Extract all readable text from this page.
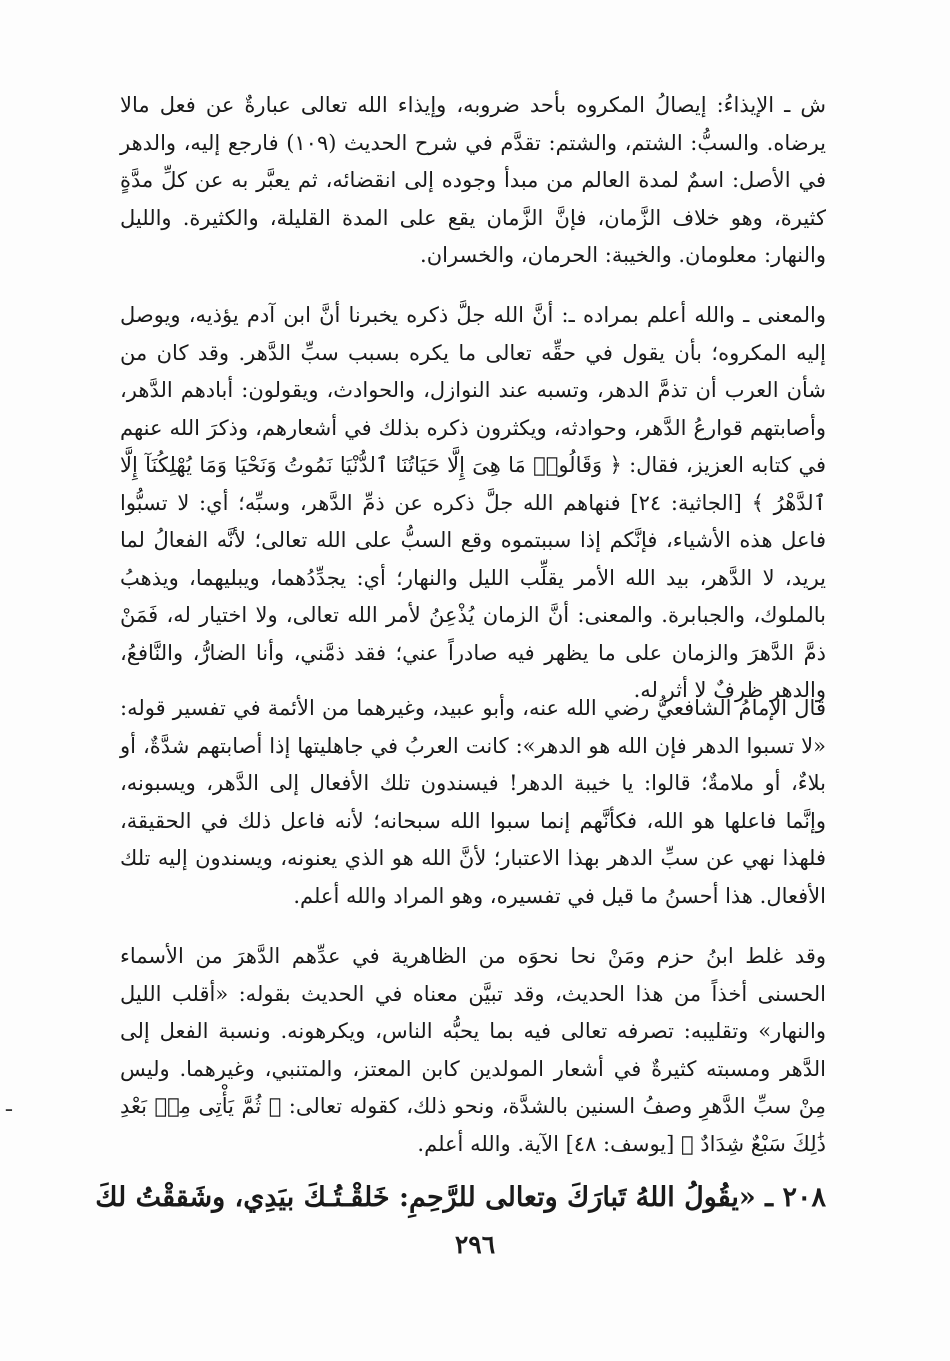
ش ـ الإيذاءُ: إيصالُ المكروه بأحد ضروبه، وإيذاء الله تعالى عبارةٌ عن فعل مالا يرضاه. والسبُّ: الشتم، والشتم: تقدَّم في شرح الحديث (١٠٩) فارجع إليه، والدهر في الأصل: اسمٌ لمدة العالم من مبدأ وجوده إلى انقضائه، ثم يعبَّر به عن كلِّ مدَّةٍ كثيرة، وهو خلاف الزَّمان، فإنَّ الزَّمان يقع على المدة القليلة، والكثيرة. والليل والنهار: معلومان. والخيبة: الحرمان، والخسران.

والمعنى ـ والله أعلم بمراده ـ: أنَّ الله جلَّ ذكره يخبرنا أنَّ ابن آدم يؤذيه، ويوصل إليه المكروه؛ بأن يقول في حقِّه تعالى ما يكره بسبب سبِّ الدَّهر. وقد كان من شأن العرب أن تذمَّ الدهر، وتسبه عند النوازل، والحوادث، ويقولون: أبادهم الدَّهر، وأصابتهم قوارعُ الدَّهر، وحوادثه، ويكثرون ذكره بذلك في أشعارهم، وذكرَ الله عنهم في كتابه العزيز، فقال: ﴿ وَقَالُوا۟ مَا هِىَ إِلَّا حَيَاتُنَا ٱلدُّنْيَا نَمُوتُ وَنَحْيَا وَمَا يُهْلِكُنَآ إِلَّا ٱلدَّهْرُ ﴾ [الجاثية: ٢٤] فنهاهم الله جلَّ ذكره عن ذمِّ الدَّهر، وسبِّه؛ أي: لا تسبُّوا فاعل هذه الأشياء، فإنَّكم إذا سببتموه وقع السبُّ على الله تعالى؛ لأنَّه الفعالُ لما يريد، لا الدَّهر، بيد الله الأمر يقلِّب الليل والنهار؛ أي: يجدِّدُهما، ويبليهما، ويذهبُ بالملوك، والجبابرة. والمعنى: أنَّ الزمان يُذْعِنُ لأمر الله تعالى، ولا اختيار له، فَمَنْ ذمَّ الدَّهرَ والزمان على ما يظهر فيه صادراً عني؛ فقد ذمَّني، وأنا الضارُّ، والنَّافعُ، والدهر ظرفٌ لا أثر له.

قال الإمامُ الشافعيُّ رضي الله عنه، وأبو عبيد، وغيرهما من الأئمة في تفسير قوله: «لا تسبوا الدهر فإن الله هو الدهر»: كانت العربُ في جاهليتها إذا أصابتهم شدَّةٌ، أو بلاءٌ، أو ملامةٌ؛ قالوا: يا خيبة الدهر! فيسندون تلك الأفعال إلى الدَّهر، ويسبونه، وإنَّما فاعلها هو الله، فكأنَّهم إنما سبوا الله سبحانه؛ لأنه فاعل ذلك في الحقيقة، فلهذا نهي عن سبِّ الدهر بهذا الاعتبار؛ لأنَّ الله هو الذي يعنونه، ويسندون إليه تلك الأفعال. هذا أحسنُ ما قيل في تفسيره، وهو المراد والله أعلم.

وقد غلط ابنُ حزم ومَنْ نحا نحوَه من الظاهرية في عدِّهم الدَّهرَ من الأسماء الحسنى أخذاً من هذا الحديث، وقد تبيَّن معناه في الحديث بقوله: «أقلب الليل والنهار» وتقليبه: تصرفه تعالى فيه بما يحبُّه الناس، ويكرهونه. ونسبة الفعل إلى الدَّهر ومسبته كثيرةٌ في أشعار المولدين كابن المعتز، والمتنبي، وغيرهما. وليس مِنْ سبِّ الدَّهرِ وصفُ السنين بالشدَّة، ونحو ذلك، كقوله تعالى: ﴿ ثُمَّ يَأْتِى مِنۢ بَعْدِ ذَٰلِكَ سَبْعٌ شِدَادٌ ﴾ [يوسف: ٤٨] الآية. والله أعلم.

٢٠٨ ـ «يقُولُ اللهُ تَبارَكَ وتعالى للرَّحِمِ: خَلقْـتُـكَ بيَدِي، وشَققْتُ لكَ
٢٩٦
ـ
